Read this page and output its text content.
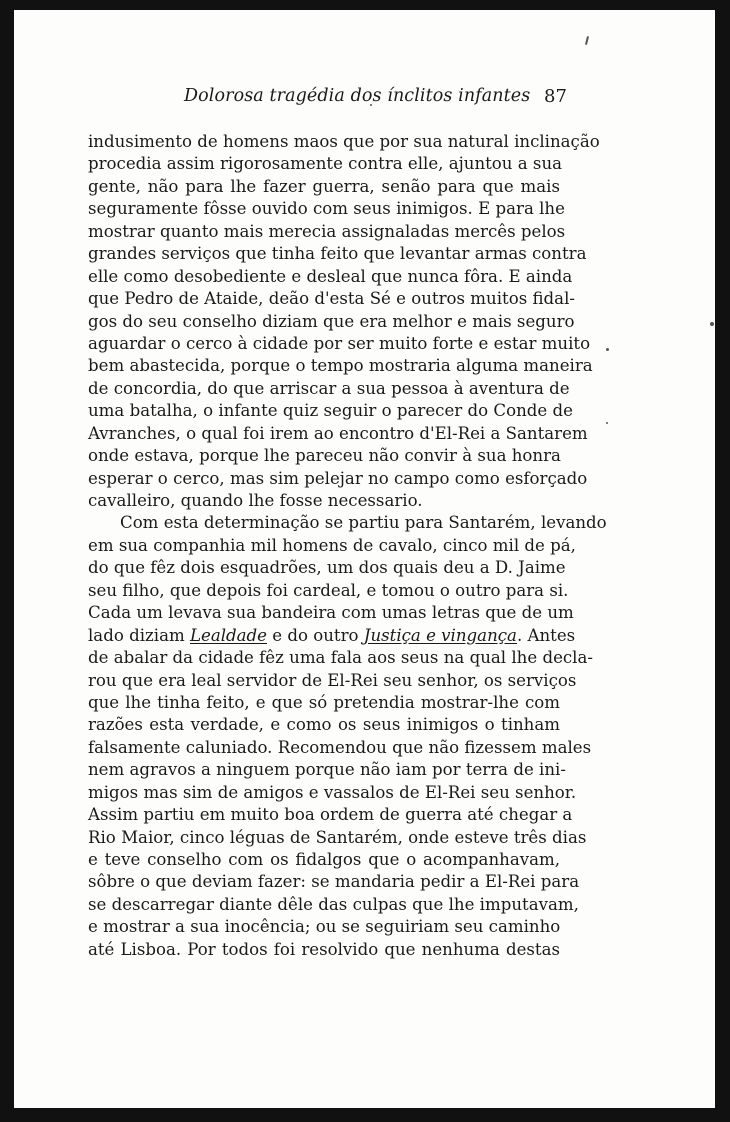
Dolorosa tragédia dos ínclitos infantes 87
indusimento de homens maos que por sua natural inclinação
procedia assim rigorosamente contra elle, ajuntou a sua
gente, não para lhe fazer guerra, senão para que mais
seguramente fôsse ouvido com seus inimigos. E para lhe
mostrar quanto mais merecia assignaladas mercês pelos
grandes serviços que tinha feito que levantar armas contra
elle como desobediente e desleal que nunca fôra. E ainda
que Pedro de Ataide, deão d'esta Sé e outros muitos fidal-
gos do seu conselho diziam que era melhor e mais seguro
aguardar o cerco à cidade por ser muito forte e estar muito
bem abastecida, porque o tempo mostraria alguma maneira
de concordia, do que arriscar a sua pessoa à aventura de
uma batalha, o infante quiz seguir o parecer do Conde de
Avranches, o qual foi irem ao encontro d'El-Rei a Santarem
onde estava, porque lhe pareceu não convir à sua honra
esperar o cerco, mas sim pelejar no campo como esforçado
cavalleiro, quando lhe fosse necessario.
Com esta determinação se partiu para Santarém, levando
em sua companhia mil homens de cavalo, cinco mil de pá,
do que fêz dois esquadrões, um dos quais deu a D. Jaime
seu filho, que depois foi cardeal, e tomou o outro para si.
Cada um levava sua bandeira com umas letras que de um
lado diziam Lealdade e do outro Justiça e vingança. Antes
de abalar da cidade fêz uma fala aos seus na qual lhe decla-
rou que era leal servidor de El-Rei seu senhor, os serviços
que lhe tinha feito, e que só pretendia mostrar-lhe com
razões esta verdade, e como os seus inimigos o tinham
falsamente caluniado. Recomendou que não fizessem males
nem agravos a ninguem porque não iam por terra de ini-
migos mas sim de amigos e vassalos de El-Rei seu senhor.
Assim partiu em muito boa ordem de guerra até chegar a
Rio Maior, cinco léguas de Santarém, onde esteve três dias
e teve conselho com os fidalgos que o acompanhavam,
sôbre o que deviam fazer: se mandaria pedir a El-Rei para
se descarregar diante dêle das culpas que lhe imputavam,
e mostrar a sua inocência; ou se seguiriam seu caminho
até Lisboa. Por todos foi resolvido que nenhuma destas
